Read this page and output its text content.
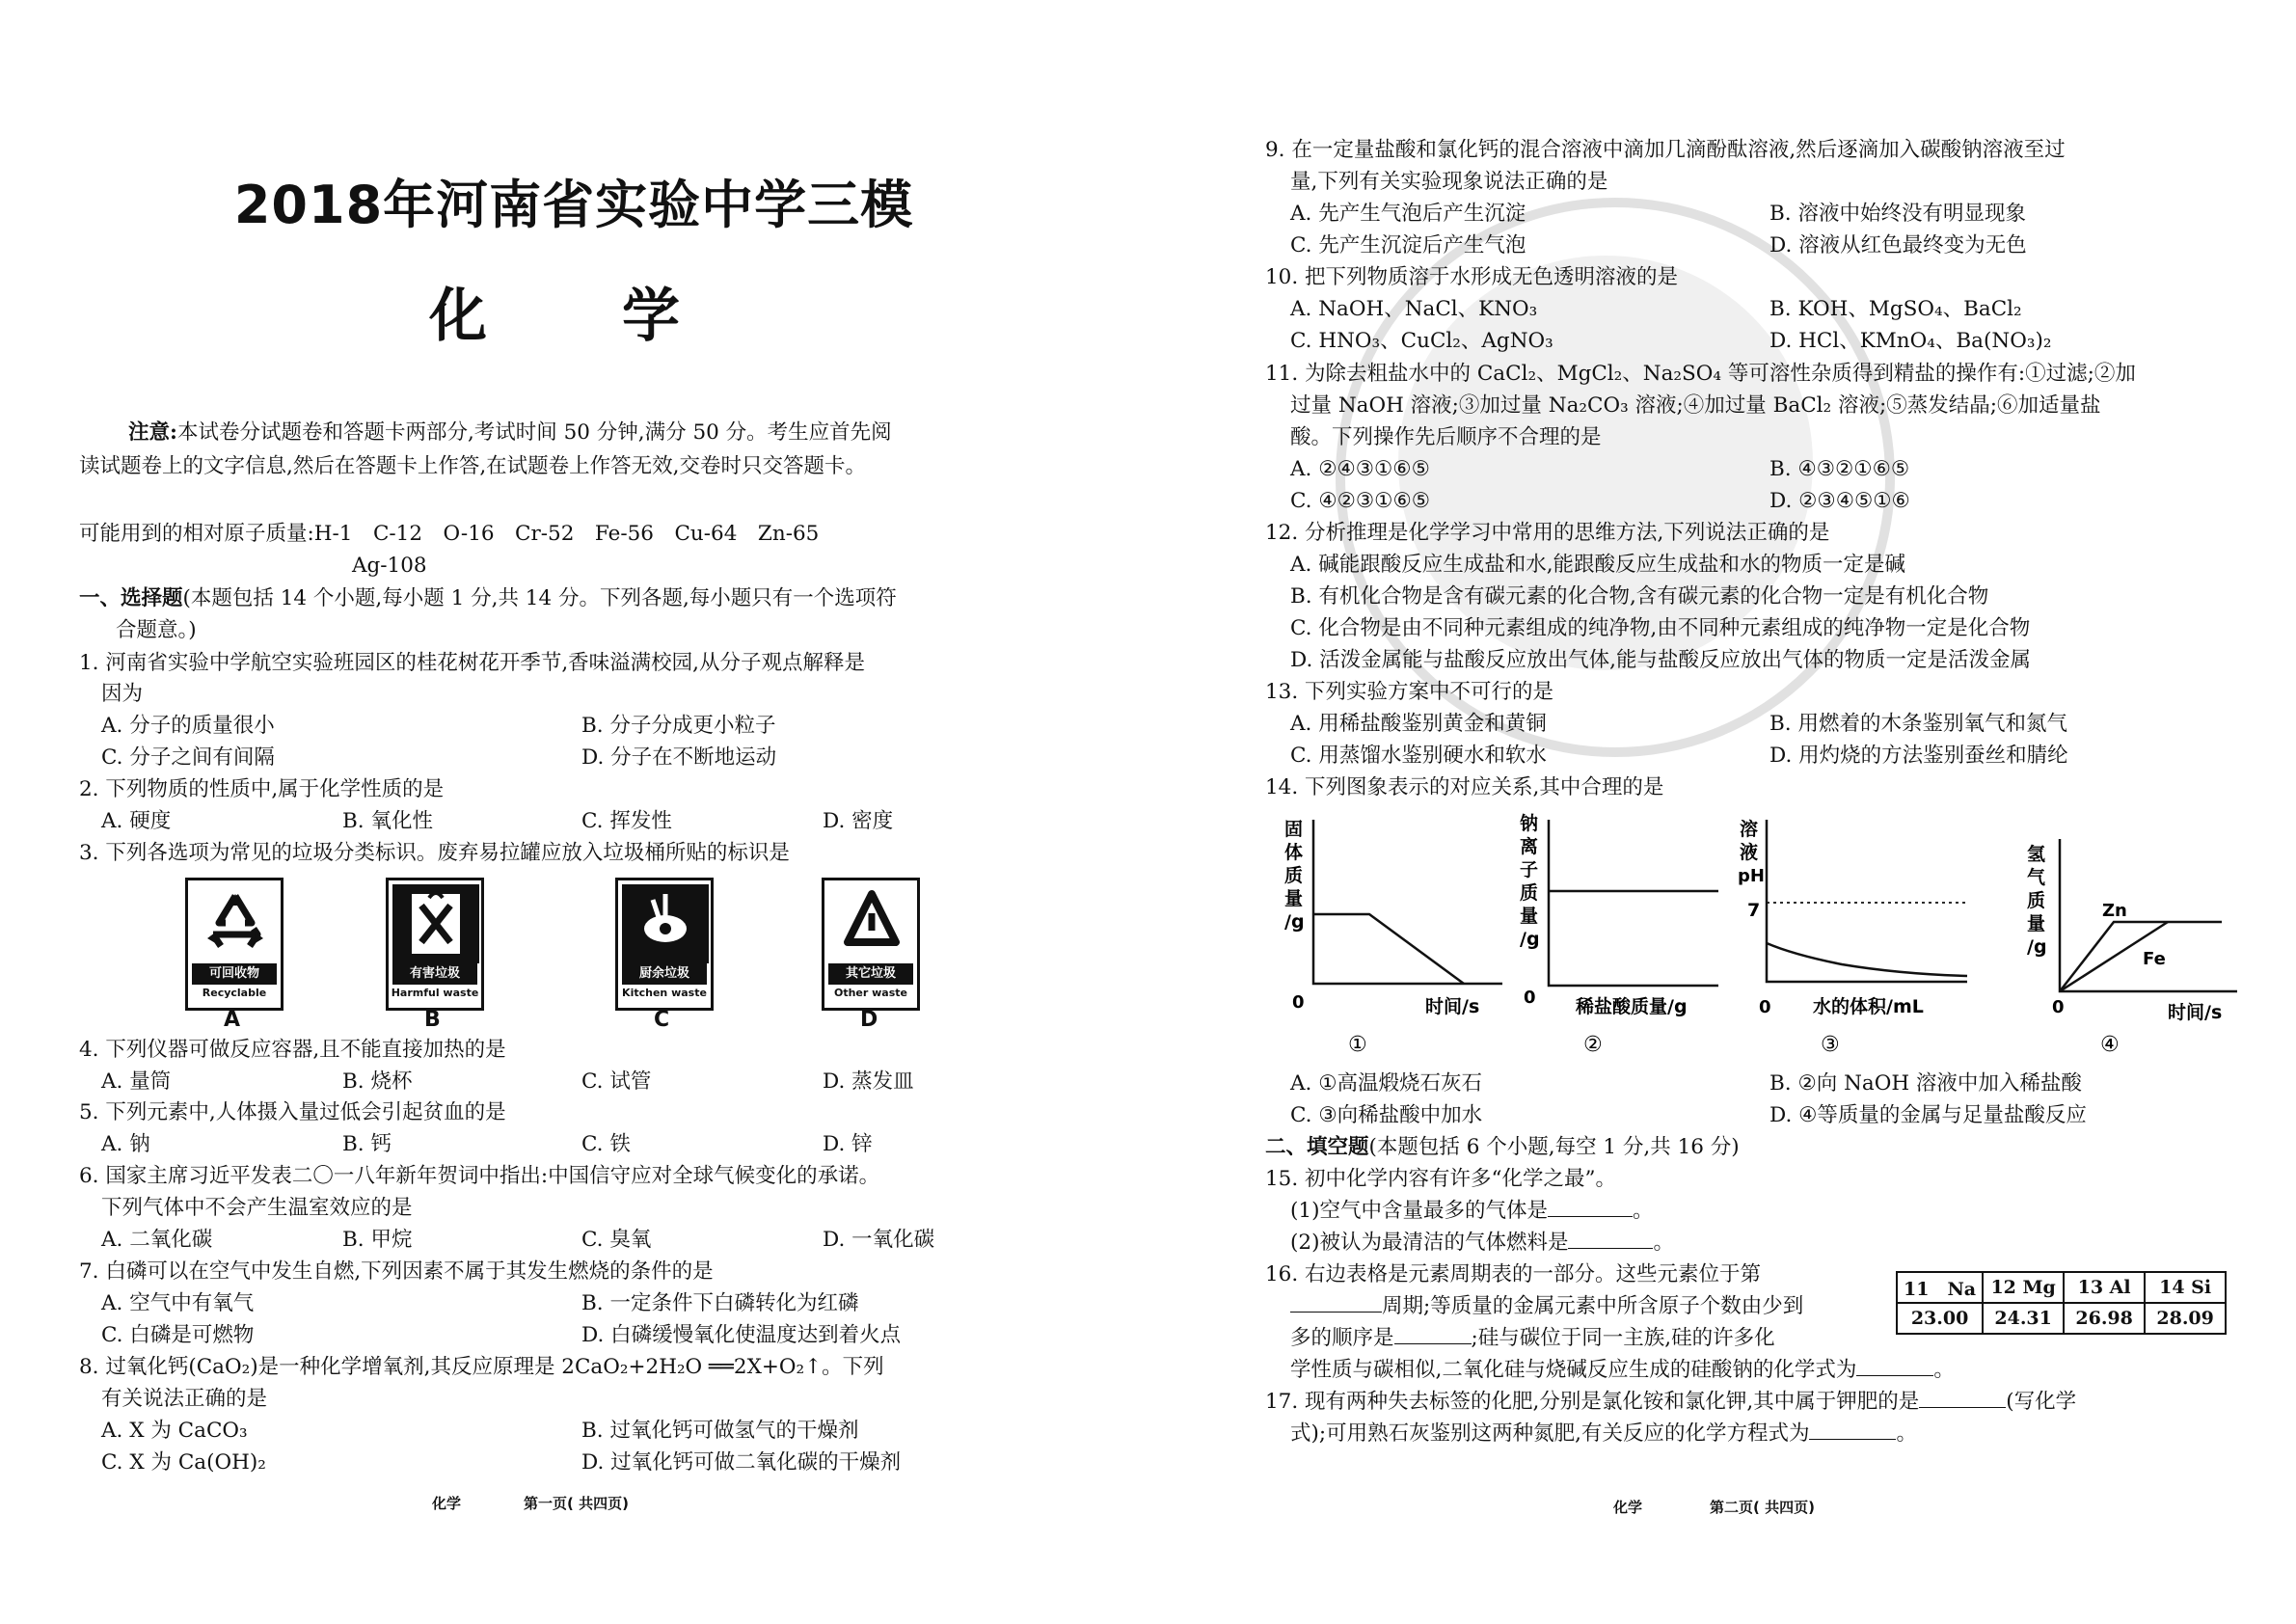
2018年河南省实验中学三模
化　学
注意:本试卷分试题卷和答题卡两部分,考试时间 50 分钟,满分 50 分。考生应首先阅
读试题卷上的文字信息,然后在答题卡上作答,在试题卷上作答无效,交卷时只交答题卡。
可能用到的相对原子质量:H-1　C-12　O-16　Cr-52　Fe-56　Cu-64　Zn-65
Ag-108
一、选择题(本题包括 14 个小题,每小题 1 分,共 14 分。下列各题,每小题只有一个选项符
合题意。)
1. 河南省实验中学航空实验班园区的桂花树花开季节,香味溢满校园,从分子观点解释是
因为
A. 分子的质量很小	B. 分子分成更小粒子
C. 分子之间有间隔	D. 分子在不断地运动
2. 下列物质的性质中,属于化学性质的是
A. 硬度	B. 氧化性	C. 挥发性	D. 密度
3. 下列各选项为常见的垃圾分类标识。废弃易拉罐应放入垃圾桶所贴的标识是
可回收物
Recyclable
有害垃圾
Harmful waste
厨余垃圾
Kitchen waste
其它垃圾
Other waste
A	B	C	D
4. 下列仪器可做反应容器,且不能直接加热的是
A. 量筒	B. 烧杯	C. 试管	D. 蒸发皿
5. 下列元素中,人体摄入量过低会引起贫血的是
A. 钠	B. 钙	C. 铁	D. 锌
6. 国家主席习近平发表二〇一八年新年贺词中指出:中国信守应对全球气候变化的承诺。
下列气体中不会产生温室效应的是
A. 二氧化碳	B. 甲烷	C. 臭氧	D. 一氧化碳
7. 白磷可以在空气中发生自燃,下列因素不属于其发生燃烧的条件的是
A. 空气中有氧气	B. 一定条件下白磷转化为红磷
C. 白磷是可燃物	D. 白磷缓慢氧化使温度达到着火点
8. 过氧化钙(CaO₂)是一种化学增氧剂,其反应原理是 2CaO₂+2H₂O ══2X+O₂↑。下列
有关说法正确的是
A. X 为 CaCO₃	B. 过氧化钙可做氢气的干燥剂
C. X 为 Ca(OH)₂	D. 过氧化钙可做二氧化碳的干燥剂
化学	第一页( 共四页)
9. 在一定量盐酸和氯化钙的混合溶液中滴加几滴酚酞溶液,然后逐滴加入碳酸钠溶液至过
量,下列有关实验现象说法正确的是
A. 先产生气泡后产生沉淀	B. 溶液中始终没有明显现象
C. 先产生沉淀后产生气泡	D. 溶液从红色最终变为无色
10. 把下列物质溶于水形成无色透明溶液的是
A. NaOH、NaCl、KNO₃	B. KOH、MgSO₄、BaCl₂
C. HNO₃、CuCl₂、AgNO₃	D. HCl、KMnO₄、Ba(NO₃)₂
11. 为除去粗盐水中的 CaCl₂、MgCl₂、Na₂SO₄ 等可溶性杂质得到精盐的操作有:①过滤;②加
过量 NaOH 溶液;③加过量 Na₂CO₃ 溶液;④加过量 BaCl₂ 溶液;⑤蒸发结晶;⑥加适量盐
酸。下列操作先后顺序不合理的是
A. ②④③①⑥⑤	B. ④③②①⑥⑤
C. ④②③①⑥⑤	D. ②③④⑤①⑥
12. 分析推理是化学学习中常用的思维方法,下列说法正确的是
A. 碱能跟酸反应生成盐和水,能跟酸反应生成盐和水的物质一定是碱
B. 有机化合物是含有碳元素的化合物,含有碳元素的化合物一定是有机化合物
C. 化合物是由不同种元素组成的纯净物,由不同种元素组成的纯净物一定是化合物
D. 活泼金属能与盐酸反应放出气体,能与盐酸反应放出气体的物质一定是活泼金属
13. 下列实验方案中不可行的是
A. 用稀盐酸鉴别黄金和黄铜	B. 用燃着的木条鉴别氧气和氮气
C. 用蒸馏水鉴别硬水和软水	D. 用灼烧的方法鉴别蚕丝和腈纶
14. 下列图象表示的对应关系,其中合理的是
固
体
质
量
/g
0	时间/s
①
钠
离
子
质
量
/g
0 稀盐酸质量/g
②
溶
液
pH
7
0 水的体积/mL
③
氢
气
质
量
/g
Zn
Fe
0	时间/s
④
A. ①高温煅烧石灰石	B. ②向 NaOH 溶液中加入稀盐酸
C. ③向稀盐酸中加水	D. ④等质量的金属与足量盐酸反应
二、填空题(本题包括 6 个小题,每空 1 分,共 16 分)
15. 初中化学内容有许多“化学之最”。
(1)空气中含量最多的气体是	。
(2)被认为最清洁的气体燃料是	。
16. 右边表格是元素周期表的一部分。这些元素位于第
周期;等质量的金属元素中所含原子个数由少到
多的顺序是	;硅与碳位于同一主族,硅的许多化
学性质与碳相似,二氧化硅与烧碱反应生成的硅酸钠的化学式为	。
17. 现有两种失去标签的化肥,分别是氯化铵和氯化钾,其中属于钾肥的是	(写化学
式);可用熟石灰鉴别这两种氮肥,有关反应的化学方程式为	。
化学	第二页( 共四页)
11　Na	12 Mg	13 Al	14 Si
23.00	24.31	26.98	28.09
